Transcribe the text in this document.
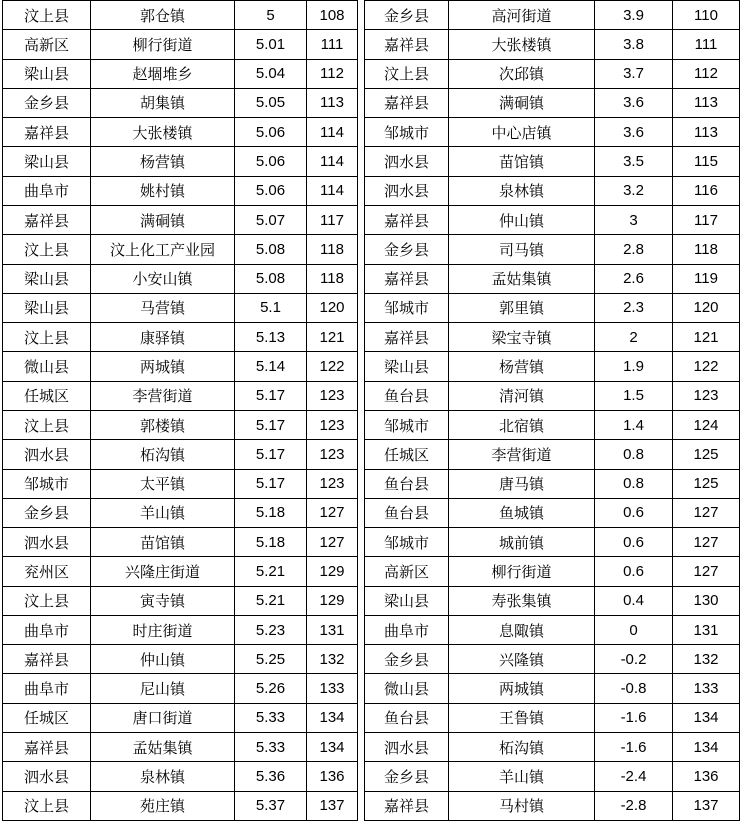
汶上县	郭仓镇	5	108
高新区	柳行街道	5.01	111
梁山县	赵堌堆乡	5.04	112
金乡县	胡集镇	5.05	113
嘉祥县	大张楼镇	5.06	114
梁山县	杨营镇	5.06	114
曲阜市	姚村镇	5.06	114
嘉祥县	满硐镇	5.07	117
汶上县	汶上化工产业园	5.08	118
梁山县	小安山镇	5.08	118
梁山县	马营镇	5.1	120
汶上县	康驿镇	5.13	121
微山县	两城镇	5.14	122
任城区	李营街道	5.17	123
汶上县	郭楼镇	5.17	123
泗水县	柘沟镇	5.17	123
邹城市	太平镇	5.17	123
金乡县	羊山镇	5.18	127
泗水县	苗馆镇	5.18	127
兖州区	兴隆庄街道	5.21	129
汶上县	寅寺镇	5.21	129
曲阜市	时庄街道	5.23	131
嘉祥县	仲山镇	5.25	132
曲阜市	尼山镇	5.26	133
任城区	唐口街道	5.33	134
嘉祥县	孟姑集镇	5.33	134
泗水县	泉林镇	5.36	136
汶上县	苑庄镇	5.37	137
金乡县	高河街道	3.9	110
嘉祥县	大张楼镇	3.8	111
汶上县	次邱镇	3.7	112
嘉祥县	满硐镇	3.6	113
邹城市	中心店镇	3.6	113
泗水县	苗馆镇	3.5	115
泗水县	泉林镇	3.2	116
嘉祥县	仲山镇	3	117
金乡县	司马镇	2.8	118
嘉祥县	孟姑集镇	2.6	119
邹城市	郭里镇	2.3	120
嘉祥县	梁宝寺镇	2	121
梁山县	杨营镇	1.9	122
鱼台县	清河镇	1.5	123
邹城市	北宿镇	1.4	124
任城区	李营街道	0.8	125
鱼台县	唐马镇	0.8	125
鱼台县	鱼城镇	0.6	127
邹城市	城前镇	0.6	127
高新区	柳行街道	0.6	127
梁山县	寿张集镇	0.4	130
曲阜市	息陬镇	0	131
金乡县	兴隆镇	-0.2	132
微山县	两城镇	-0.8	133
鱼台县	王鲁镇	-1.6	134
泗水县	柘沟镇	-1.6	134
金乡县	羊山镇	-2.4	136
嘉祥县	马村镇	-2.8	137
